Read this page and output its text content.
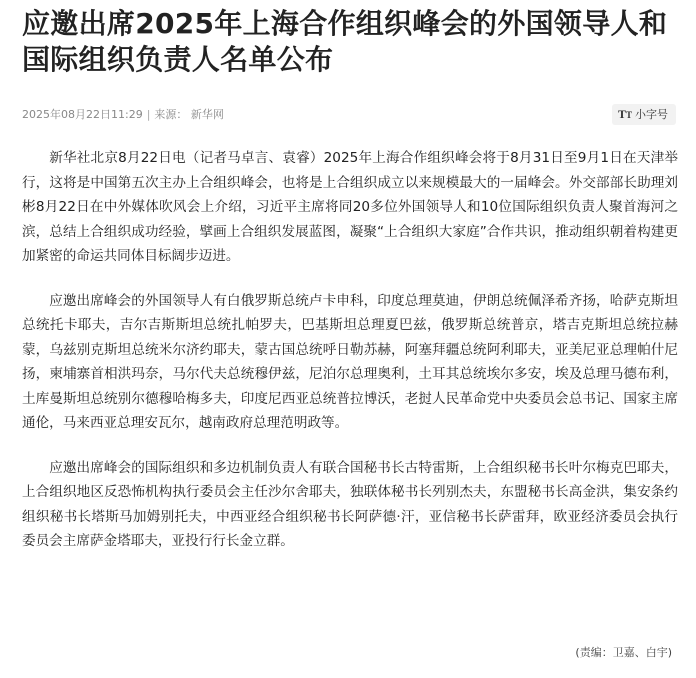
应邀出席2025年上海合作组织峰会的外国领导人和国际组织负责人名单公布
2025年08月22日11:29 | 来源： 新华网	TT 小字号

新华社北京8月22日电（记者马卓言、袁睿）2025年上海合作组织峰会将于8月31日至9月1日在天津举行，这将是中国第五次主办上合组织峰会，也将是上合组织成立以来规模最大的一届峰会。外交部部长助理刘彬8月22日在中外媒体吹风会上介绍，习近平主席将同20多位外国领导人和10位国际组织负责人聚首海河之滨，总结上合组织成功经验，擘画上合组织发展蓝图，凝聚“上合组织大家庭”合作共识，推动组织朝着构建更加紧密的命运共同体目标阔步迈进。

应邀出席峰会的外国领导人有白俄罗斯总统卢卡申科，印度总理莫迪，伊朗总统佩泽希齐扬，哈萨克斯坦总统托卡耶夫，吉尔吉斯斯坦总统扎帕罗夫，巴基斯坦总理夏巴兹，俄罗斯总统普京，塔吉克斯坦总统拉赫蒙，乌兹别克斯坦总统米尔济约耶夫，蒙古国总统呼日勒苏赫，阿塞拜疆总统阿利耶夫，亚美尼亚总理帕什尼扬，柬埔寨首相洪玛奈，马尔代夫总统穆伊兹，尼泊尔总理奥利，土耳其总统埃尔多安，埃及总理马德布利，土库曼斯坦总统别尔德穆哈梅多夫，印度尼西亚总统普拉博沃，老挝人民革命党中央委员会总书记、国家主席通伦，马来西亚总理安瓦尔，越南政府总理范明政等。

应邀出席峰会的国际组织和多边机制负责人有联合国秘书长古特雷斯，上合组织秘书长叶尔梅克巴耶夫，上合组织地区反恐怖机构执行委员会主任沙尔舍耶夫，独联体秘书长列别杰夫，东盟秘书长高金洪，集安条约组织秘书长塔斯马加姆别托夫，中西亚经合组织秘书长阿萨德·汗，亚信秘书长萨雷拜，欧亚经济委员会执行委员会主席萨金塔耶夫，亚投行行长金立群。

(责编：卫嘉、白宇)
